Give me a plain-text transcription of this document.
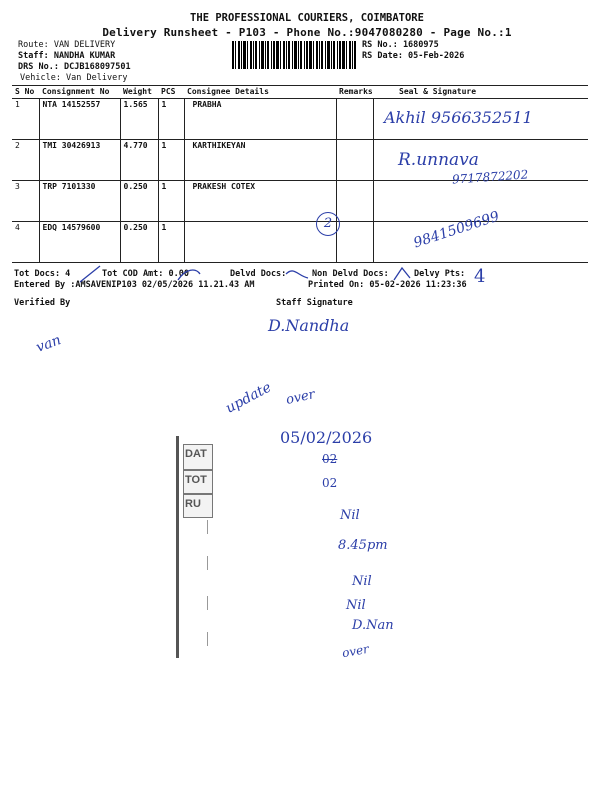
THE PROFESSIONAL COURIERS, COIMBATORE
Delivery Runsheet - P103 - Phone No.:9047080280 - Page No.:1
Route: VAN DELIVERY
Staff: NANDHA KUMAR
DRS No.: DCJB168097501
Vehicle: Van Delivery
RS No.: 1680975
RS Date: 05-Feb-2026
S No	Consignment No	Weight	PCS	Consignee Details	Remarks	Seal & Signature
1	NTA 14152557	1.565	1	PRABHA		
2	TMI 30426913	4.770	1	KARTHIKEYAN		
3	TRP 7101330	0.250	1	PRAKESH COTEX		
4	EDQ 14579600	0.250	1			
Tot Docs: 4	Tot COD Amt: 0.00	Delvd Docs:	Non Delvd Docs:	Delvy Pts:
Entered By :AMSAVENIP103 02/05/2026 11.21.43 AM	Printed On: 05-02-2026 11:23:36
Verified By	Staff Signature
Akhil 9566352511
R.unnava
9717872202
9841509699
2
4
van
D.Nandha
update over
05/02/2026
02
02
Nil
8.45pm
Nil
Nil
D.Nan
over
DAT
TOT
RU
